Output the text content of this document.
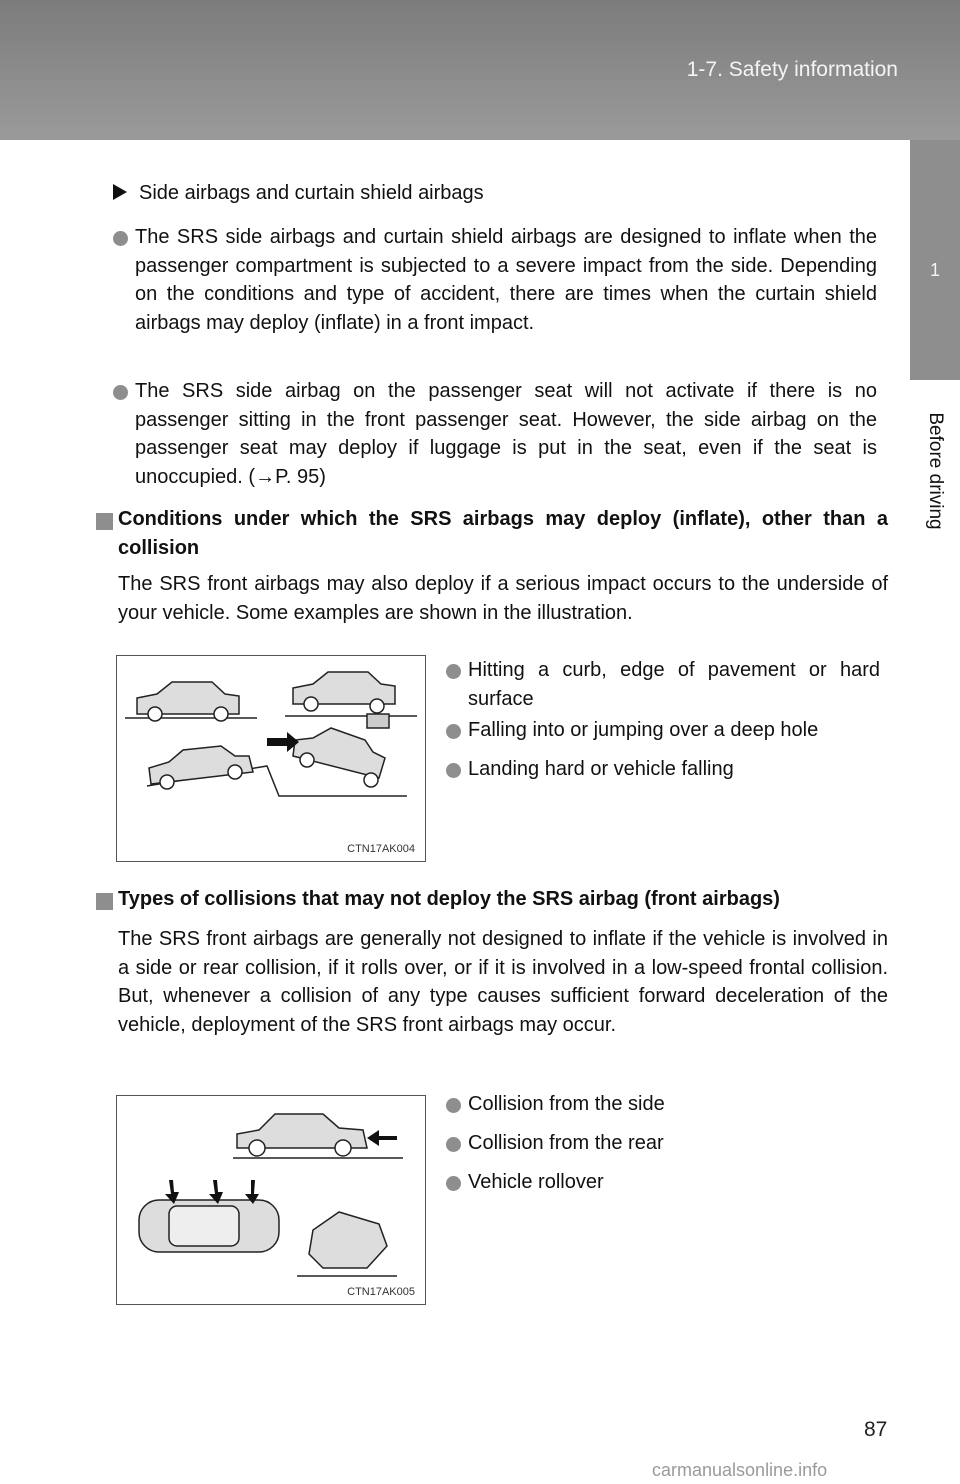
1-7. Safety information
1
Before driving
Side airbags and curtain shield airbags
The SRS side airbags and curtain shield airbags are designed to inflate when the passenger compartment is subjected to a severe impact from the side. Depending on the conditions and type of accident, there are times when the curtain shield airbags may deploy (inflate) in a front impact.
The SRS side airbag on the passenger seat will not activate if there is no passenger sitting in the front passenger seat. However, the side airbag on the passenger seat may deploy if luggage is put in the seat, even if the seat is unoccupied. (→P. 95)
Conditions under which the SRS airbags may deploy (inflate), other than a collision
The SRS front airbags may also deploy if a serious impact occurs to the underside of your vehicle. Some examples are shown in the illustration.
CTN17AK004
Hitting a curb, edge of pavement or hard surface
Falling into or jumping over a deep hole
Landing hard or vehicle falling
Types of collisions that may not deploy the SRS airbag (front airbags)
The SRS front airbags are generally not designed to inflate if the vehicle is involved in a side or rear collision, if it rolls over, or if it is involved in a low-speed frontal collision. But, whenever a collision of any type causes sufficient forward deceleration of the vehicle, deployment of the SRS front airbags may occur.
CTN17AK005
Collision from the side
Collision from the rear
Vehicle rollover
87
carmanualsonline.info
